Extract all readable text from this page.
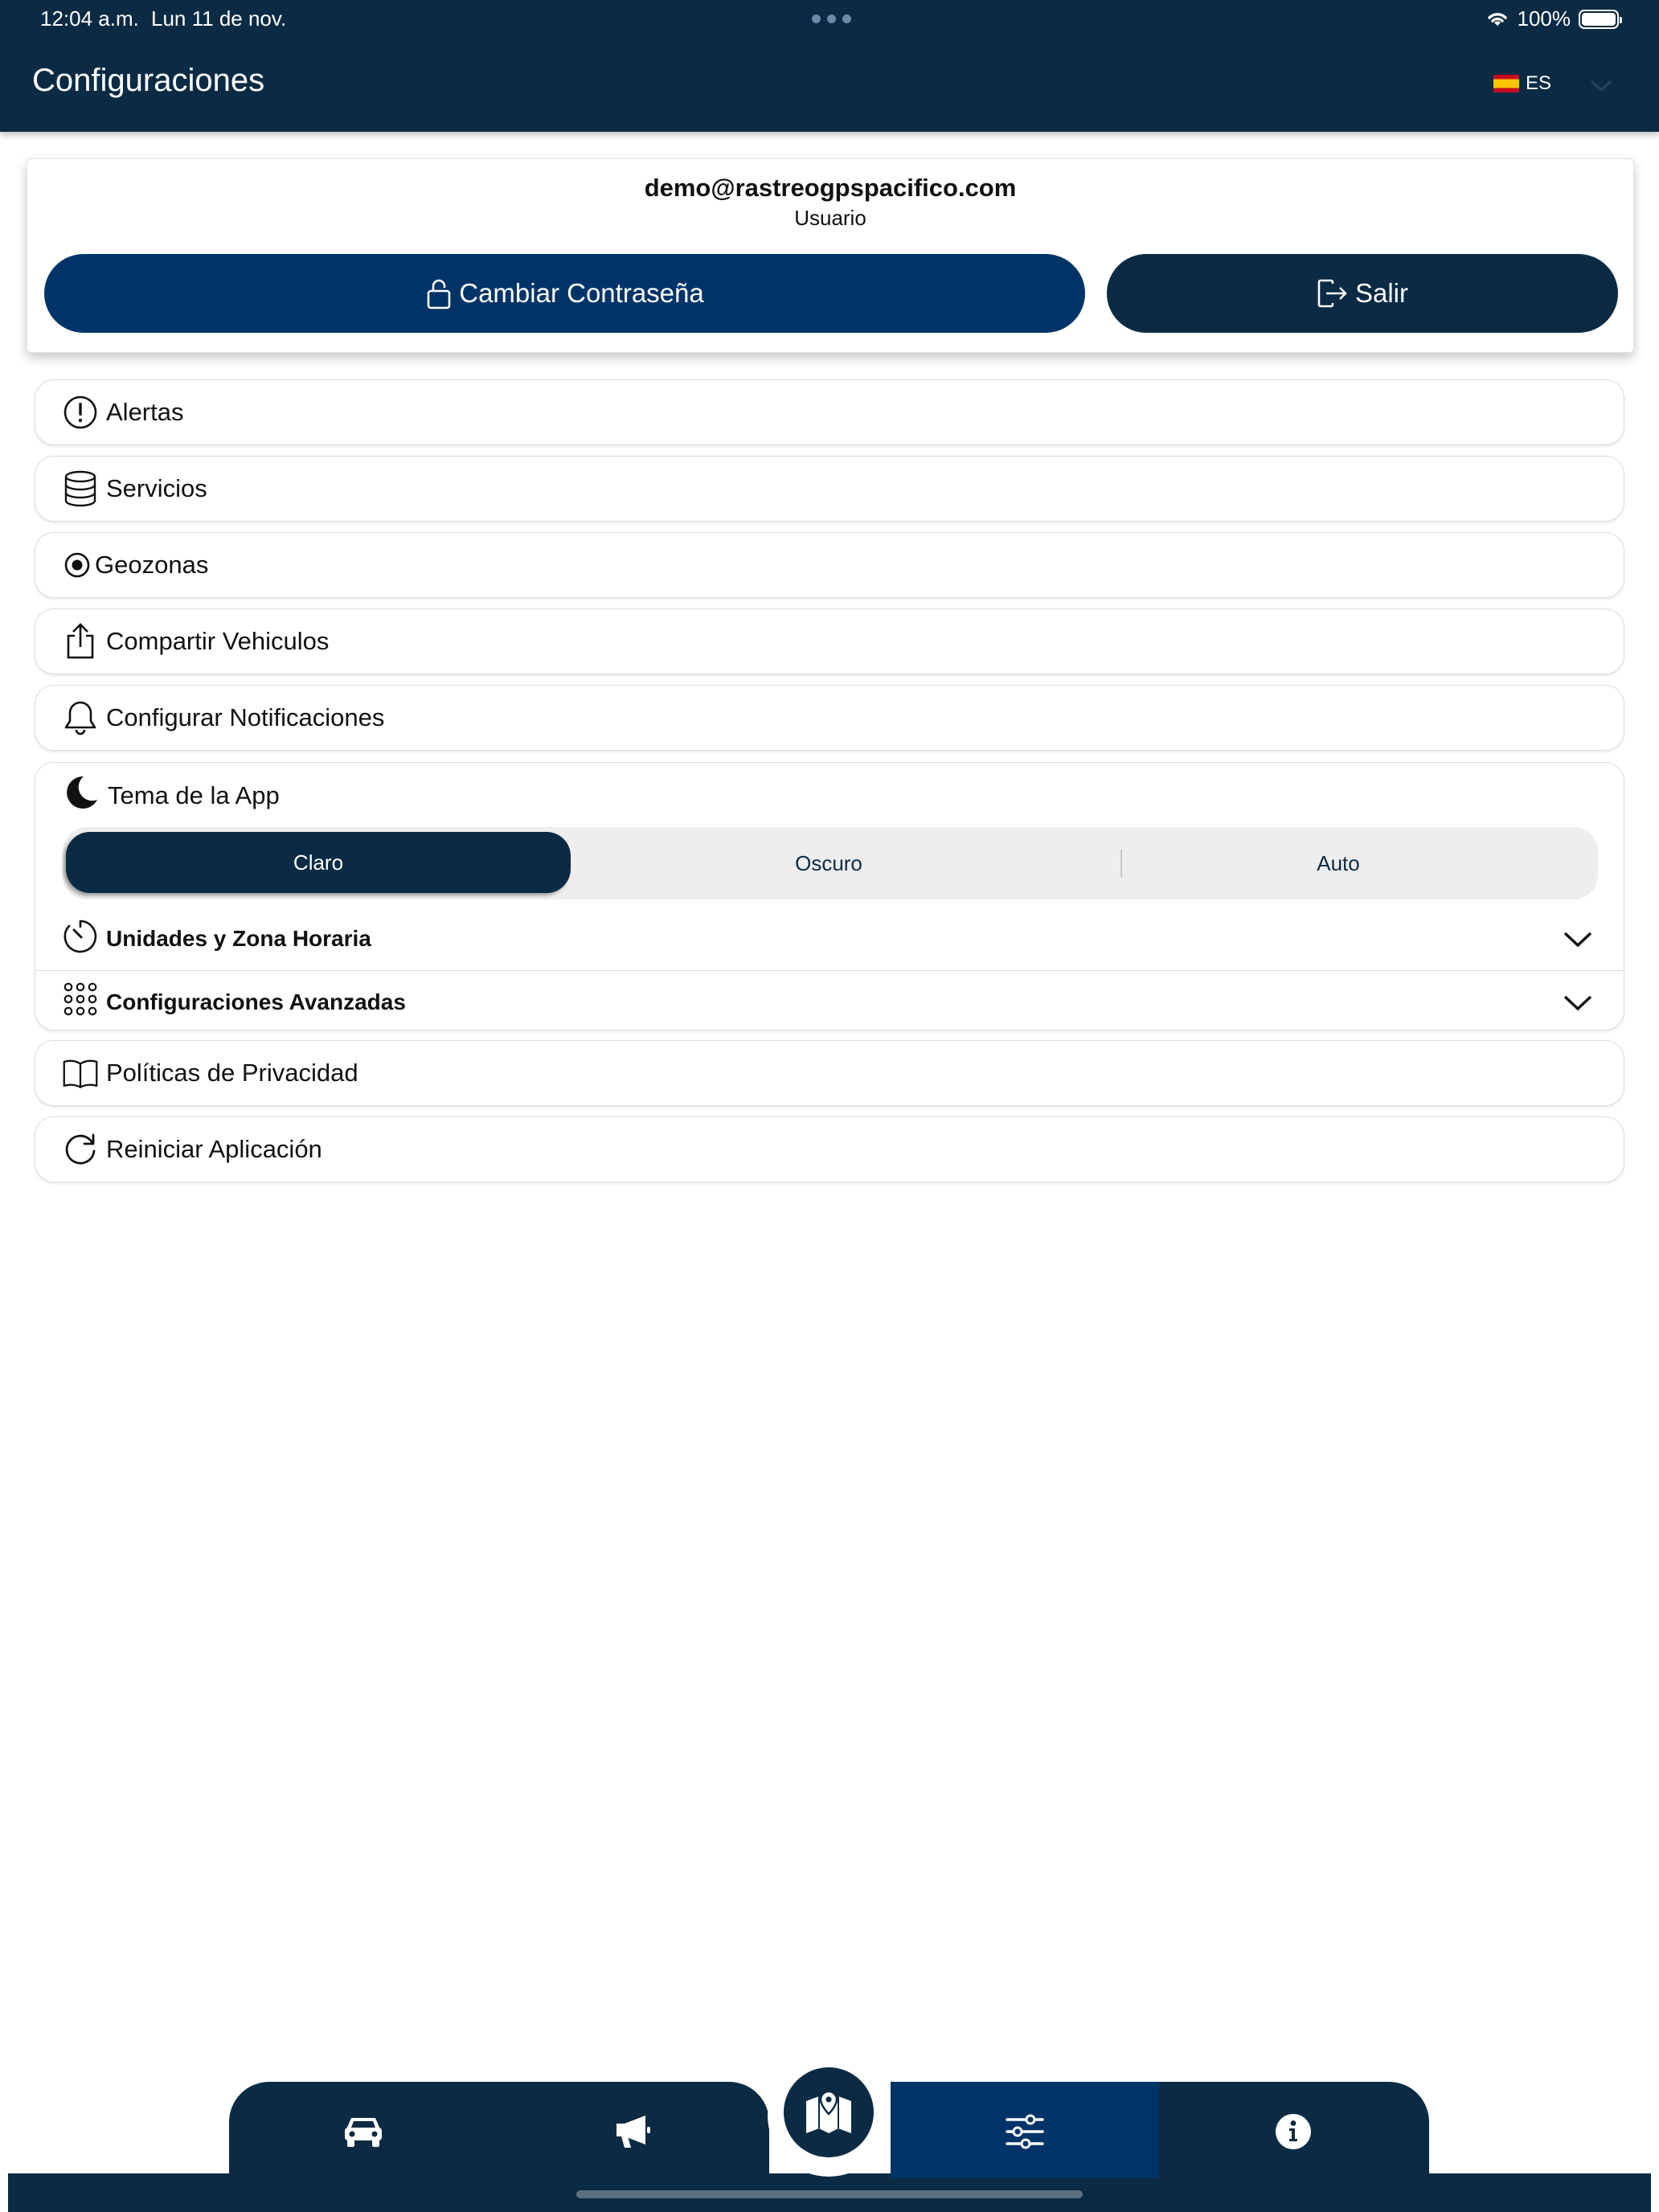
12:04 a.m. Lun 11 de nov.	100%
Configuraciones	ES
demo@rastreogpspacifico.com
Usuario
Cambiar Contraseña	Salir
Alertas
Servicios
Geozonas
Compartir Vehiculos
Configurar Notificaciones
Tema de la App
Oscuro	Auto
Claro
Unidades y Zona Horaria
Configuraciones Avanzadas
Políticas de Privacidad
Reiniciar Aplicación
